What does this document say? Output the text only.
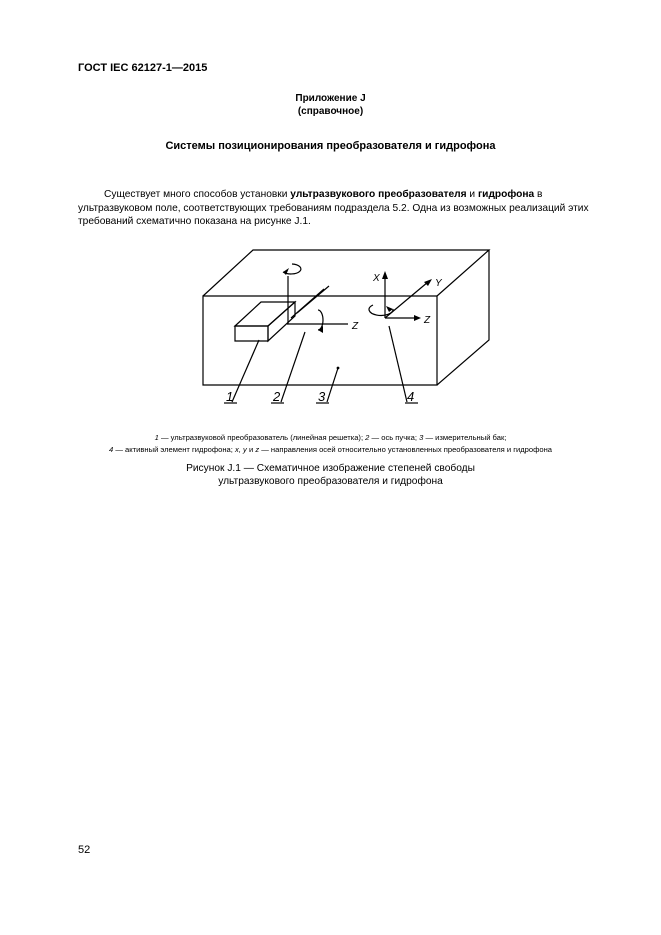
ГОСТ IEC 62127-1—2015
Приложение J
(справочное)
Системы позиционирования преобразователя и гидрофона
Существует много способов установки ультразвукового преобразователя и гидрофона в ультразвуковом поле, соответствующих требованиям подраздела 5.2. Одна из возможных реализаций этих требований схематично показана на рисунке J.1.
Z
X	Y
Z
1	2	3	4
1 — ультразвуковой преобразователь (линейная решетка); 2 — ось пучка; 3 — измерительный бак;
4 — активный элемент гидрофона; x, y и z — направления осей относительно установленных преобразователя и гидрофона
Рисунок J.1 — Схематичное изображение степеней свободы
ультразвукового преобразователя и гидрофона
52
